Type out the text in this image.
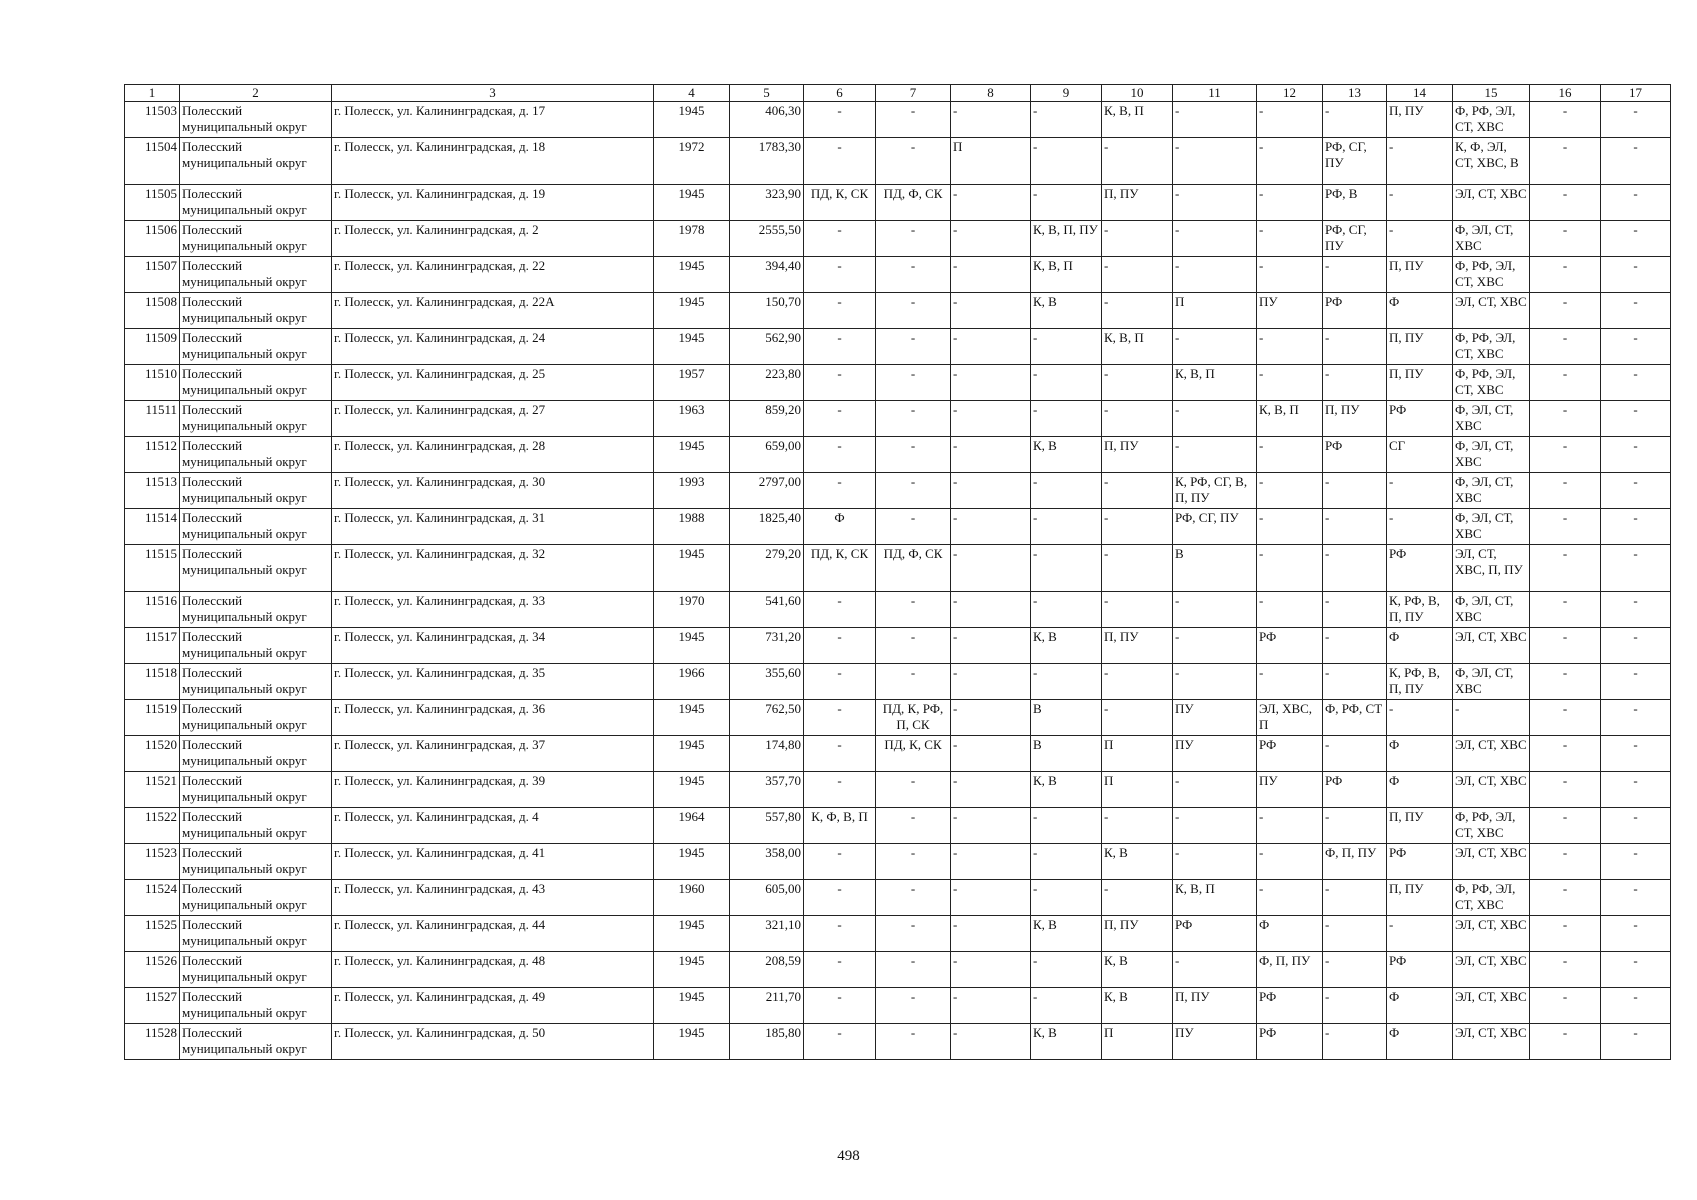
1	2	3	4	5	6	7	8	9	10	11	12	13	14	15	16	17
11503	Полесский муниципальный округ	г. Полесск, ул. Калининградская, д. 17	1945	406,30	-	-	-	-	К, В, П	-	-	-	П, ПУ	Ф, РФ, ЭЛ, СТ, ХВС	-	-
11504	Полесский муниципальный округ	г. Полесск, ул. Калининградская, д. 18	1972	1783,30	-	-	П	-	-	-	-	РФ, СГ, ПУ	-	К, Ф, ЭЛ, СТ, ХВС, В	-	-
11505	Полесский муниципальный округ	г. Полесск, ул. Калининградская, д. 19	1945	323,90	ПД, К, СК	ПД, Ф, СК	-	-	П, ПУ	-	-	РФ, В	-	ЭЛ, СТ, ХВС	-	-
11506	Полесский муниципальный округ	г. Полесск, ул. Калининградская, д. 2	1978	2555,50	-	-	-	К, В, П, ПУ	-	-	-	РФ, СГ, ПУ	-	Ф, ЭЛ, СТ, ХВС	-	-
11507	Полесский муниципальный округ	г. Полесск, ул. Калининградская, д. 22	1945	394,40	-	-	-	К, В, П	-	-	-	-	П, ПУ	Ф, РФ, ЭЛ, СТ, ХВС	-	-
11508	Полесский муниципальный округ	г. Полесск, ул. Калининградская, д. 22А	1945	150,70	-	-	-	К, В	-	П	ПУ	РФ	Ф	ЭЛ, СТ, ХВС	-	-
11509	Полесский муниципальный округ	г. Полесск, ул. Калининградская, д. 24	1945	562,90	-	-	-	-	К, В, П	-	-	-	П, ПУ	Ф, РФ, ЭЛ, СТ, ХВС	-	-
11510	Полесский муниципальный округ	г. Полесск, ул. Калининградская, д. 25	1957	223,80	-	-	-	-	-	К, В, П	-	-	П, ПУ	Ф, РФ, ЭЛ, СТ, ХВС	-	-
11511	Полесский муниципальный округ	г. Полесск, ул. Калининградская, д. 27	1963	859,20	-	-	-	-	-	-	К, В, П	П, ПУ	РФ	Ф, ЭЛ, СТ, ХВС	-	-
11512	Полесский муниципальный округ	г. Полесск, ул. Калининградская, д. 28	1945	659,00	-	-	-	К, В	П, ПУ	-	-	РФ	СГ	Ф, ЭЛ, СТ, ХВС	-	-
11513	Полесский муниципальный округ	г. Полесск, ул. Калининградская, д. 30	1993	2797,00	-	-	-	-	-	К, РФ, СГ, В, П, ПУ	-	-	-	Ф, ЭЛ, СТ, ХВС	-	-
11514	Полесский муниципальный округ	г. Полесск, ул. Калининградская, д. 31	1988	1825,40	Ф	-	-	-	-	РФ, СГ, ПУ	-	-	-	Ф, ЭЛ, СТ, ХВС	-	-
11515	Полесский муниципальный округ	г. Полесск, ул. Калининградская, д. 32	1945	279,20	ПД, К, СК	ПД, Ф, СК	-	-	-	В	-	-	РФ	ЭЛ, СТ, ХВС, П, ПУ	-	-
11516	Полесский муниципальный округ	г. Полесск, ул. Калининградская, д. 33	1970	541,60	-	-	-	-	-	-	-	-	К, РФ, В, П, ПУ	Ф, ЭЛ, СТ, ХВС	-	-
11517	Полесский муниципальный округ	г. Полесск, ул. Калининградская, д. 34	1945	731,20	-	-	-	К, В	П, ПУ	-	РФ	-	Ф	ЭЛ, СТ, ХВС	-	-
11518	Полесский муниципальный округ	г. Полесск, ул. Калининградская, д. 35	1966	355,60	-	-	-	-	-	-	-	-	К, РФ, В, П, ПУ	Ф, ЭЛ, СТ, ХВС	-	-
11519	Полесский муниципальный округ	г. Полесск, ул. Калининградская, д. 36	1945	762,50	-	ПД, К, РФ, П, СК	-	В	-	ПУ	ЭЛ, ХВС, П	Ф, РФ, СТ	-	-	-	-
11520	Полесский муниципальный округ	г. Полесск, ул. Калининградская, д. 37	1945	174,80	-	ПД, К, СК	-	В	П	ПУ	РФ	-	Ф	ЭЛ, СТ, ХВС	-	-
11521	Полесский муниципальный округ	г. Полесск, ул. Калининградская, д. 39	1945	357,70	-	-	-	К, В	П	-	ПУ	РФ	Ф	ЭЛ, СТ, ХВС	-	-
11522	Полесский муниципальный округ	г. Полесск, ул. Калининградская, д. 4	1964	557,80	К, Ф, В, П	-	-	-	-	-	-	-	П, ПУ	Ф, РФ, ЭЛ, СТ, ХВС	-	-
11523	Полесский муниципальный округ	г. Полесск, ул. Калининградская, д. 41	1945	358,00	-	-	-	-	К, В	-	-	Ф, П, ПУ	РФ	ЭЛ, СТ, ХВС	-	-
11524	Полесский муниципальный округ	г. Полесск, ул. Калининградская, д. 43	1960	605,00	-	-	-	-	-	К, В, П	-	-	П, ПУ	Ф, РФ, ЭЛ, СТ, ХВС	-	-
11525	Полесский муниципальный округ	г. Полесск, ул. Калининградская, д. 44	1945	321,10	-	-	-	К, В	П, ПУ	РФ	Ф	-	-	ЭЛ, СТ, ХВС	-	-
11526	Полесский муниципальный округ	г. Полесск, ул. Калининградская, д. 48	1945	208,59	-	-	-	-	К, В	-	Ф, П, ПУ	-	РФ	ЭЛ, СТ, ХВС	-	-
11527	Полесский муниципальный округ	г. Полесск, ул. Калининградская, д. 49	1945	211,70	-	-	-	-	К, В	П, ПУ	РФ	-	Ф	ЭЛ, СТ, ХВС	-	-
11528	Полесский муниципальный округ	г. Полесск, ул. Калининградская, д. 50	1945	185,80	-	-	-	К, В	П	ПУ	РФ	-	Ф	ЭЛ, СТ, ХВС	-	-
498
